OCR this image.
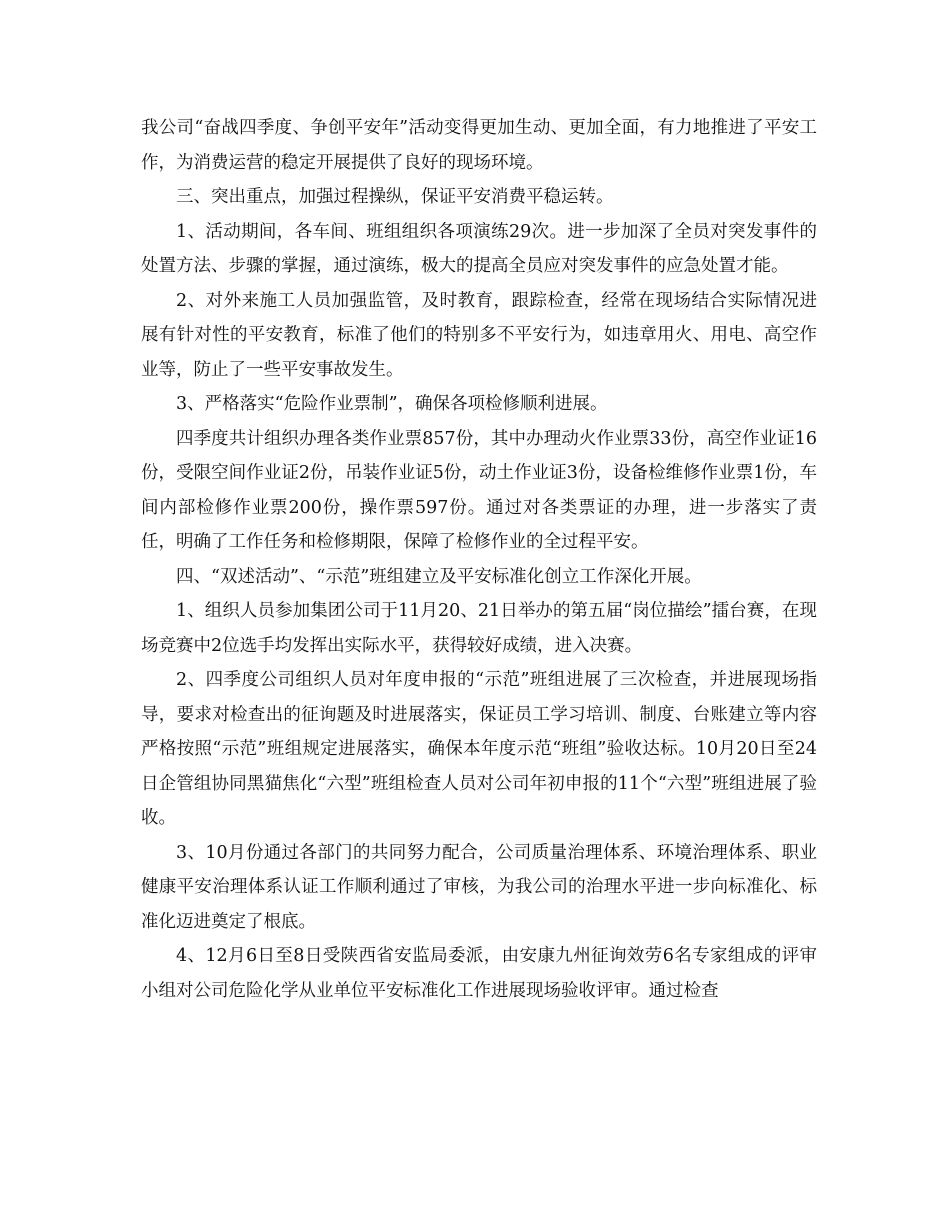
我公司“奋战四季度、争创平安年”活动变得更加生动、更加全面，有力地推进了平安工作，为消费运营的稳定开展提供了良好的现场环境。

三、突出重点，加强过程操纵，保证平安消费平稳运转。

1、活动期间，各车间、班组组织各项演练29次。进一步加深了全员对突发事件的处置方法、步骤的掌握，通过演练，极大的提高全员应对突发事件的应急处置才能。

2、对外来施工人员加强监管，及时教育，跟踪检查，经常在现场结合实际情况进展有针对性的平安教育，标准了他们的特别多不平安行为，如违章用火、用电、高空作业等，防止了一些平安事故发生。

3、严格落实“危险作业票制”，确保各项检修顺利进展。

四季度共计组织办理各类作业票857份，其中办理动火作业票33份，高空作业证16份，受限空间作业证2份，吊装作业证5份，动土作业证3份，设备检维修作业票1份，车间内部检修作业票200份，操作票597份。通过对各类票证的办理，进一步落实了责任，明确了工作任务和检修期限，保障了检修作业的全过程平安。

四、“双述活动”、“示范”班组建立及平安标准化创立工作深化开展。

1、组织人员参加集团公司于11月20、21日举办的第五届“岗位描绘”擂台赛，在现场竞赛中2位选手均发挥出实际水平，获得较好成绩，进入决赛。

2、四季度公司组织人员对年度申报的“示范”班组进展了三次检查，并进展现场指导，要求对检查出的征询题及时进展落实，保证员工学习培训、制度、台账建立等内容严格按照“示范”班组规定进展落实，确保本年度示范“班组”验收达标。10月20日至24日企管组协同黑猫焦化“六型”班组检查人员对公司年初申报的11个“六型”班组进展了验收。

3、10月份通过各部门的共同努力配合，公司质量治理体系、环境治理体系、职业健康平安治理体系认证工作顺利通过了审核，为我公司的治理水平进一步向标准化、标准化迈进奠定了根底。

4、12月6日至8日受陕西省安监局委派，由安康九州征询效劳6名专家组成的评审小组对公司危险化学从业单位平安标准化工作进展现场验收评审。通过检查
